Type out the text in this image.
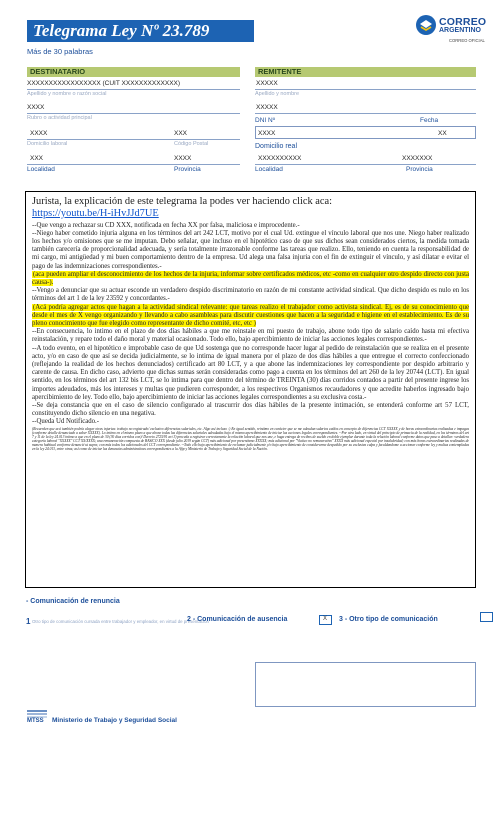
Telegrama Ley Nº 23.789
Más de 30 palabras
CORREO
ARGENTINO
CORREO OFICIAL
DESTINATARIO
XXXXXXXXXXXXXXXXX (CUIT XXXXXXXXXXXXX)
Apellido y nombre o razón social
XXXX
Rubro o actividad principal
XXXX	XXX
Domicilio laboral	Código Postal
XXX	XXXX
Localidad	Provincia
REMITENTE
XXXXX
Apellido y nombre
XXXXX
DNI Nº	Fecha
XXXX	XX
Domicilio real
XXXXXXXXXX	XXXXXXX
Localidad	Provincia
Jurista, la explicación de este telegrama la podes ver haciendo click aca:
https://youtu.be/H-iHvJJd7UE

--Que vengo a rechazar su CD XXX, notificada en fecha XX por falsa, maliciosa e improcedente.-

--Niego haber cometido injuria alguna en los términos del art 242 LCT, motivo por el cual Ud. extingue el vínculo laboral que nos une. Niego haber realizado los hechos y/o omisiones que se me imputan. Debo señalar, que incluso en el hipotético caso de que sus dichos sean considerados ciertos, la medida tomada también carecería de proporcionalidad adecuada, y sería totalmente irrazonable conforme las tareas que realizo. Ello, teniendo en cuenta la responsabilidad de mi cargo, mi antigüedad y mi buen comportamiento dentro de la empresa. Ud alega una falsa injuria con el fin de extinguir el vínculo, y así dilatar e evitar el pago de las indemnizaciones correspondientes.-

(aca pueden ampliar el desconocimiento de los hechos de la injuria, informar sobre certificados médicos, etc -como en cualquier otro despido directo con justa causa-).

--Vengo a denunciar que su actuar esconde un verdadero despido discriminatorio en razón de mi constante actividad sindical. Que dicho despido es nulo en los términos del art 1 de la ley 23592 y concordantes.-

(Acá podría agregar actos que hagan a la actividad sindical relevante: que tareas realizo el trabajador como activista sindical. Ej, es de su conocimiento que desde el mes de X vengo organizando y llevando a cabo asambleas para discutir cuestiones que hacen a la seguridad e higiene en el establecimiento. Es de su pleno conocimiento que fue elegido como representante de dicho comité, etc, etc )

--En consecuencia, lo intimo en el plazo de dos días hábiles a que me reinstale en mi puesto de trabajo, abone todo tipo de salario caído hasta mi efectiva reinstalación, y repare todo el daño moral y material ocasionado. Todo ello, bajo apercibimiento de iniciar las acciones legales correspondientes.-

--A todo evento, en el hipotético e improbable caso de que Ud sostenga que no corresponde hacer lugar al pedido de reinstalación que se realiza en el presente acto, y/o en caso de que así se decida judicialmente, se lo intima de igual manera por el plazo de dos días hábiles a que entregue el correcto confeccionado (reflejando la realidad de los hechos denunciados) certificado art 80 LCT, y a que abone las indemnizaciones ley correspondiente por despido arbitrario y carente de causa. En dicho caso, advierto que dichas sumas serán consideradas como pago a cuenta en los términos del art 260 de la ley 20744 (LCT). En igual sentido, en los términos del art 132 bis LCT, se lo intima para que dentro del término de TREINTA (30) días corridos contados a partir del presente ingrese los importes adeudados, más los intereses y multas que pudieren corresponder, a los respectivos Organismos recaudadores y que acredite haberlos ingresado bajo apercibimiento de ley. Todo ello, bajo apercibimiento de iniciar las acciones legales correspondientes a su exclusiva costa.-

--Se deja constancia que en el caso de silencio configurado al trascurrir dos días hábiles de la presente intimación, se entenderá conforme art 57 LCT, constituyendo dicho silencio en una negativa.

--Queda Ud Notificado.-

(Recuerden que acá también podría alegar otras injurias: trabajo no registrado/ exclusivo diferencias salariales, etc. Algo así incluso :) En igual sentido, reintimo en carácter que se me adeudan salarios caídos en concepto de diferencias CCT XXXXX y de horas extraordinarias realizadas e impagas (conforme detalle denunciado a saber XXXXX). Lo intimo en el mismo plazo a que abone todas las diferencias salariales adeudadas bajo el mismo apercibimiento de iniciar las acciones legales correspondientes. --Por otra lado, en virtud del principio de primacía de la realidad, en los términos del art 7 y 11 de la ley 24.013 intimo a que en el plazo de 30 (30 días corridos con)/ Decreto 2725/91 art 3) proceda a registrar correctamente la relación laboral que nos une, e haga entrega de recibos de sueldo en doble ejemplar durante toda la relación laboral conforme datos que paso a detallar: verdadera categoría laboral "XXXXX" CCT XX/XXXX; una remuneración compuesta de BASICO XXX (desde julio 2019 según CCT) más adicional por presentismo XXXXX; más adicional por "Viatico no remunerativo" XXXX más adicional especial por insalubridad; con más horas extraordinarias realizadas de manera habitual conforme denuncié ut supra; con más todos los adicionales del CCT correspondiente. --Todo ello bajo apercibimiento de reclamar judicialmente y/o bajo apercibimiento de considerarme despedido por su exclusiva culpa y faculdandome a accionar conforme ley y multas contempladas en la ley 24.013, entre otras; así como de iniciar las denuncias administrativas correspondientes a la Afip y Ministerio de Trabajo y Seguridad Social de la Nación.

- Comunicación de renuncia
1 Otro tipo de comunicación cursada entre trabajador y empleador, en virtud de presentación
2 - Comunicación de ausencia	X 3 - Otro tipo de comunicación
MTSS Ministerio de Trabajo y Seguridad Social
